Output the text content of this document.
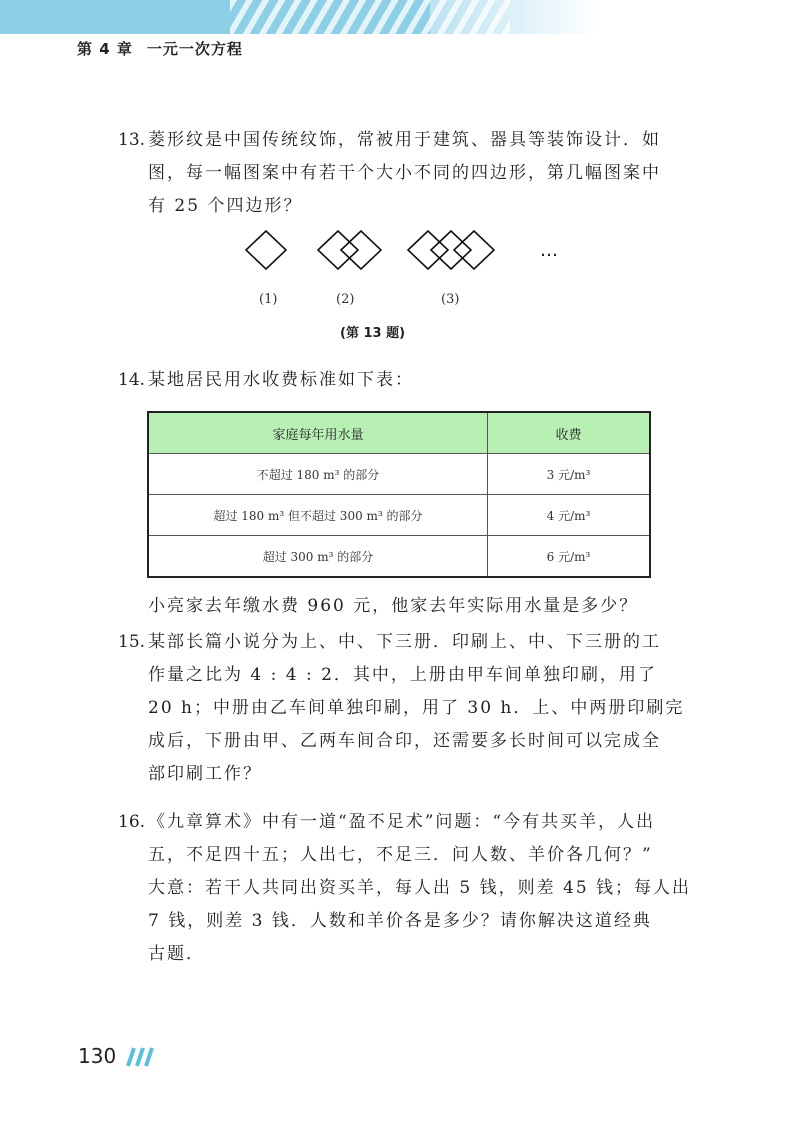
第 4 章 一元一次方程
13. 菱形纹是中国传统纹饰，常被用于建筑、器具等装饰设计．如
图，每一幅图案中有若干个大小不同的四边形，第几幅图案中
有 25 个四边形？
…
(1)	(2)	(3)
(第 13 题)
14. 某地居民用水收费标准如下表：
家庭每年用水量	收费
不超过 180 m³ 的部分	3 元/m³
超过 180 m³ 但不超过 300 m³ 的部分	4 元/m³
超过 300 m³ 的部分	6 元/m³
小亮家去年缴水费 960 元，他家去年实际用水量是多少？
15. 某部长篇小说分为上、中、下三册．印刷上、中、下三册的工
作量之比为 4 : 4 : 2．其中，上册由甲车间单独印刷，用了
20 h；中册由乙车间单独印刷，用了 30 h．上、中两册印刷完
成后，下册由甲、乙两车间合印，还需要多长时间可以完成全
部印刷工作？
16. 《九章算术》中有一道“盈不足术”问题：“今有共买羊，人出
五，不足四十五；人出七，不足三．问人数、羊价各几何？”
大意：若干人共同出资买羊，每人出 5 钱，则差 45 钱；每人出
7 钱，则差 3 钱．人数和羊价各是多少？请你解决这道经典
古题．
130
